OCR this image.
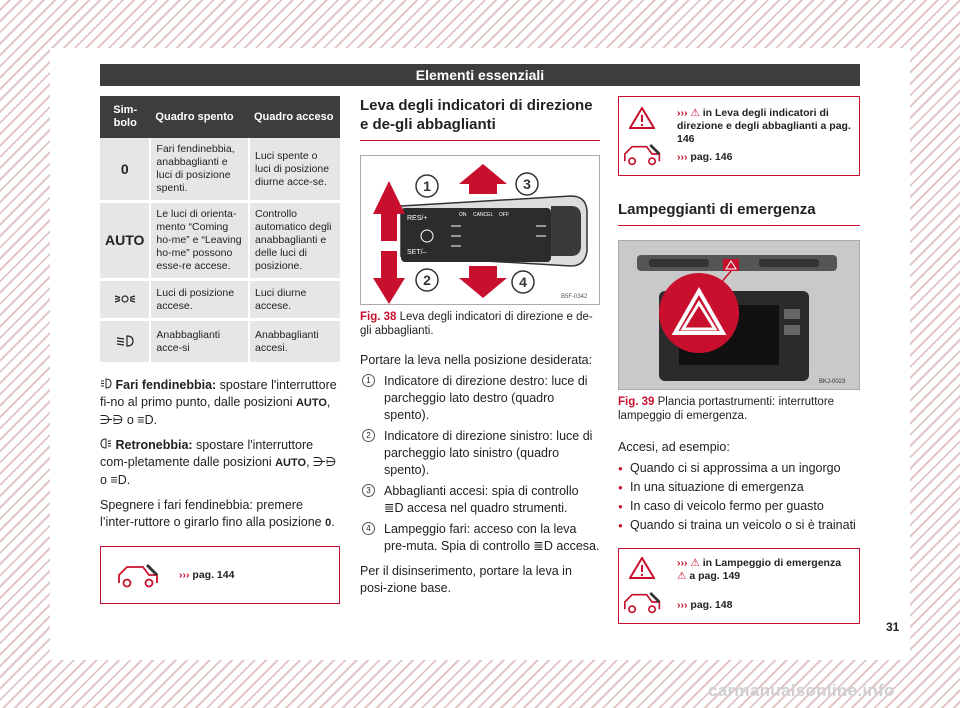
Elementi essenziali
Sim-
bolo	Quadro spento	Quadro acceso
0	Fari fendinebbia, anabbaglianti e luci di posizione spenti.	Luci spente o luci di posizione diurne acce-se.
AUTO	Le luci di orienta-mento “Coming ho-me” e “Leaving ho-me” possono esse-re accese.	Controllo automatico degli anabbaglianti e delle luci di posizione.
	Luci di posizione accese.	Luci diurne accese.
	Anabbaglianti acce-si	Anabbaglianti accesi.

Fari fendinebbia: spostare l'interruttore fi-no al primo punto, dalle posizioni AUTO, ⋺⋻ o ≡D.

Retronebbia: spostare l'interruttore com-pletamente dalle posizioni AUTO, ⋺⋻ o ≡D.

Spegnere i fari fendinebbia: premere l’inter-ruttore o girarlo fino alla posizione 0.

››› pag. 144
Leva degli indicatori di direzione e de-gli abbaglianti
RES/+
SET/–
ON CANCEL OFF
1
2
3
4
B5F-0342

Fig. 38 Leva degli indicatori di direzione e de-gli abbaglianti.

Portare la leva nella posizione desiderata:

1	Indicatore di direzione destro: luce di parcheggio lato destro (quadro spento).
2	Indicatore di direzione sinistro: luce di parcheggio lato sinistro (quadro spento).
3	Abbaglianti accesi: spia di controllo ≣D accesa nel quadro strumenti.
4	Lampeggio fari: acceso con la leva pre-muta. Spia di controllo ≣D accesa.

Per il disinserimento, portare la leva in posi-zione base.

››› ⚠ in Leva degli indicatori di direzione e degli abbaglianti a pag. 146
››› pag. 146
Lampeggianti di emergenza
BKJ-0023

Fig. 39 Plancia portastrumenti: interruttore lampeggio di emergenza.

Accesi, ad esempio:

● Quando ci si approssima a un ingorgo
● In una situazione di emergenza
● In caso di veicolo fermo per guasto
● Quando si traina un veicolo o si è trainati
››› ⚠ in Lampeggio di emergenza ⚠ a pag. 149
››› pag. 148
31
carmanualsonline.info
